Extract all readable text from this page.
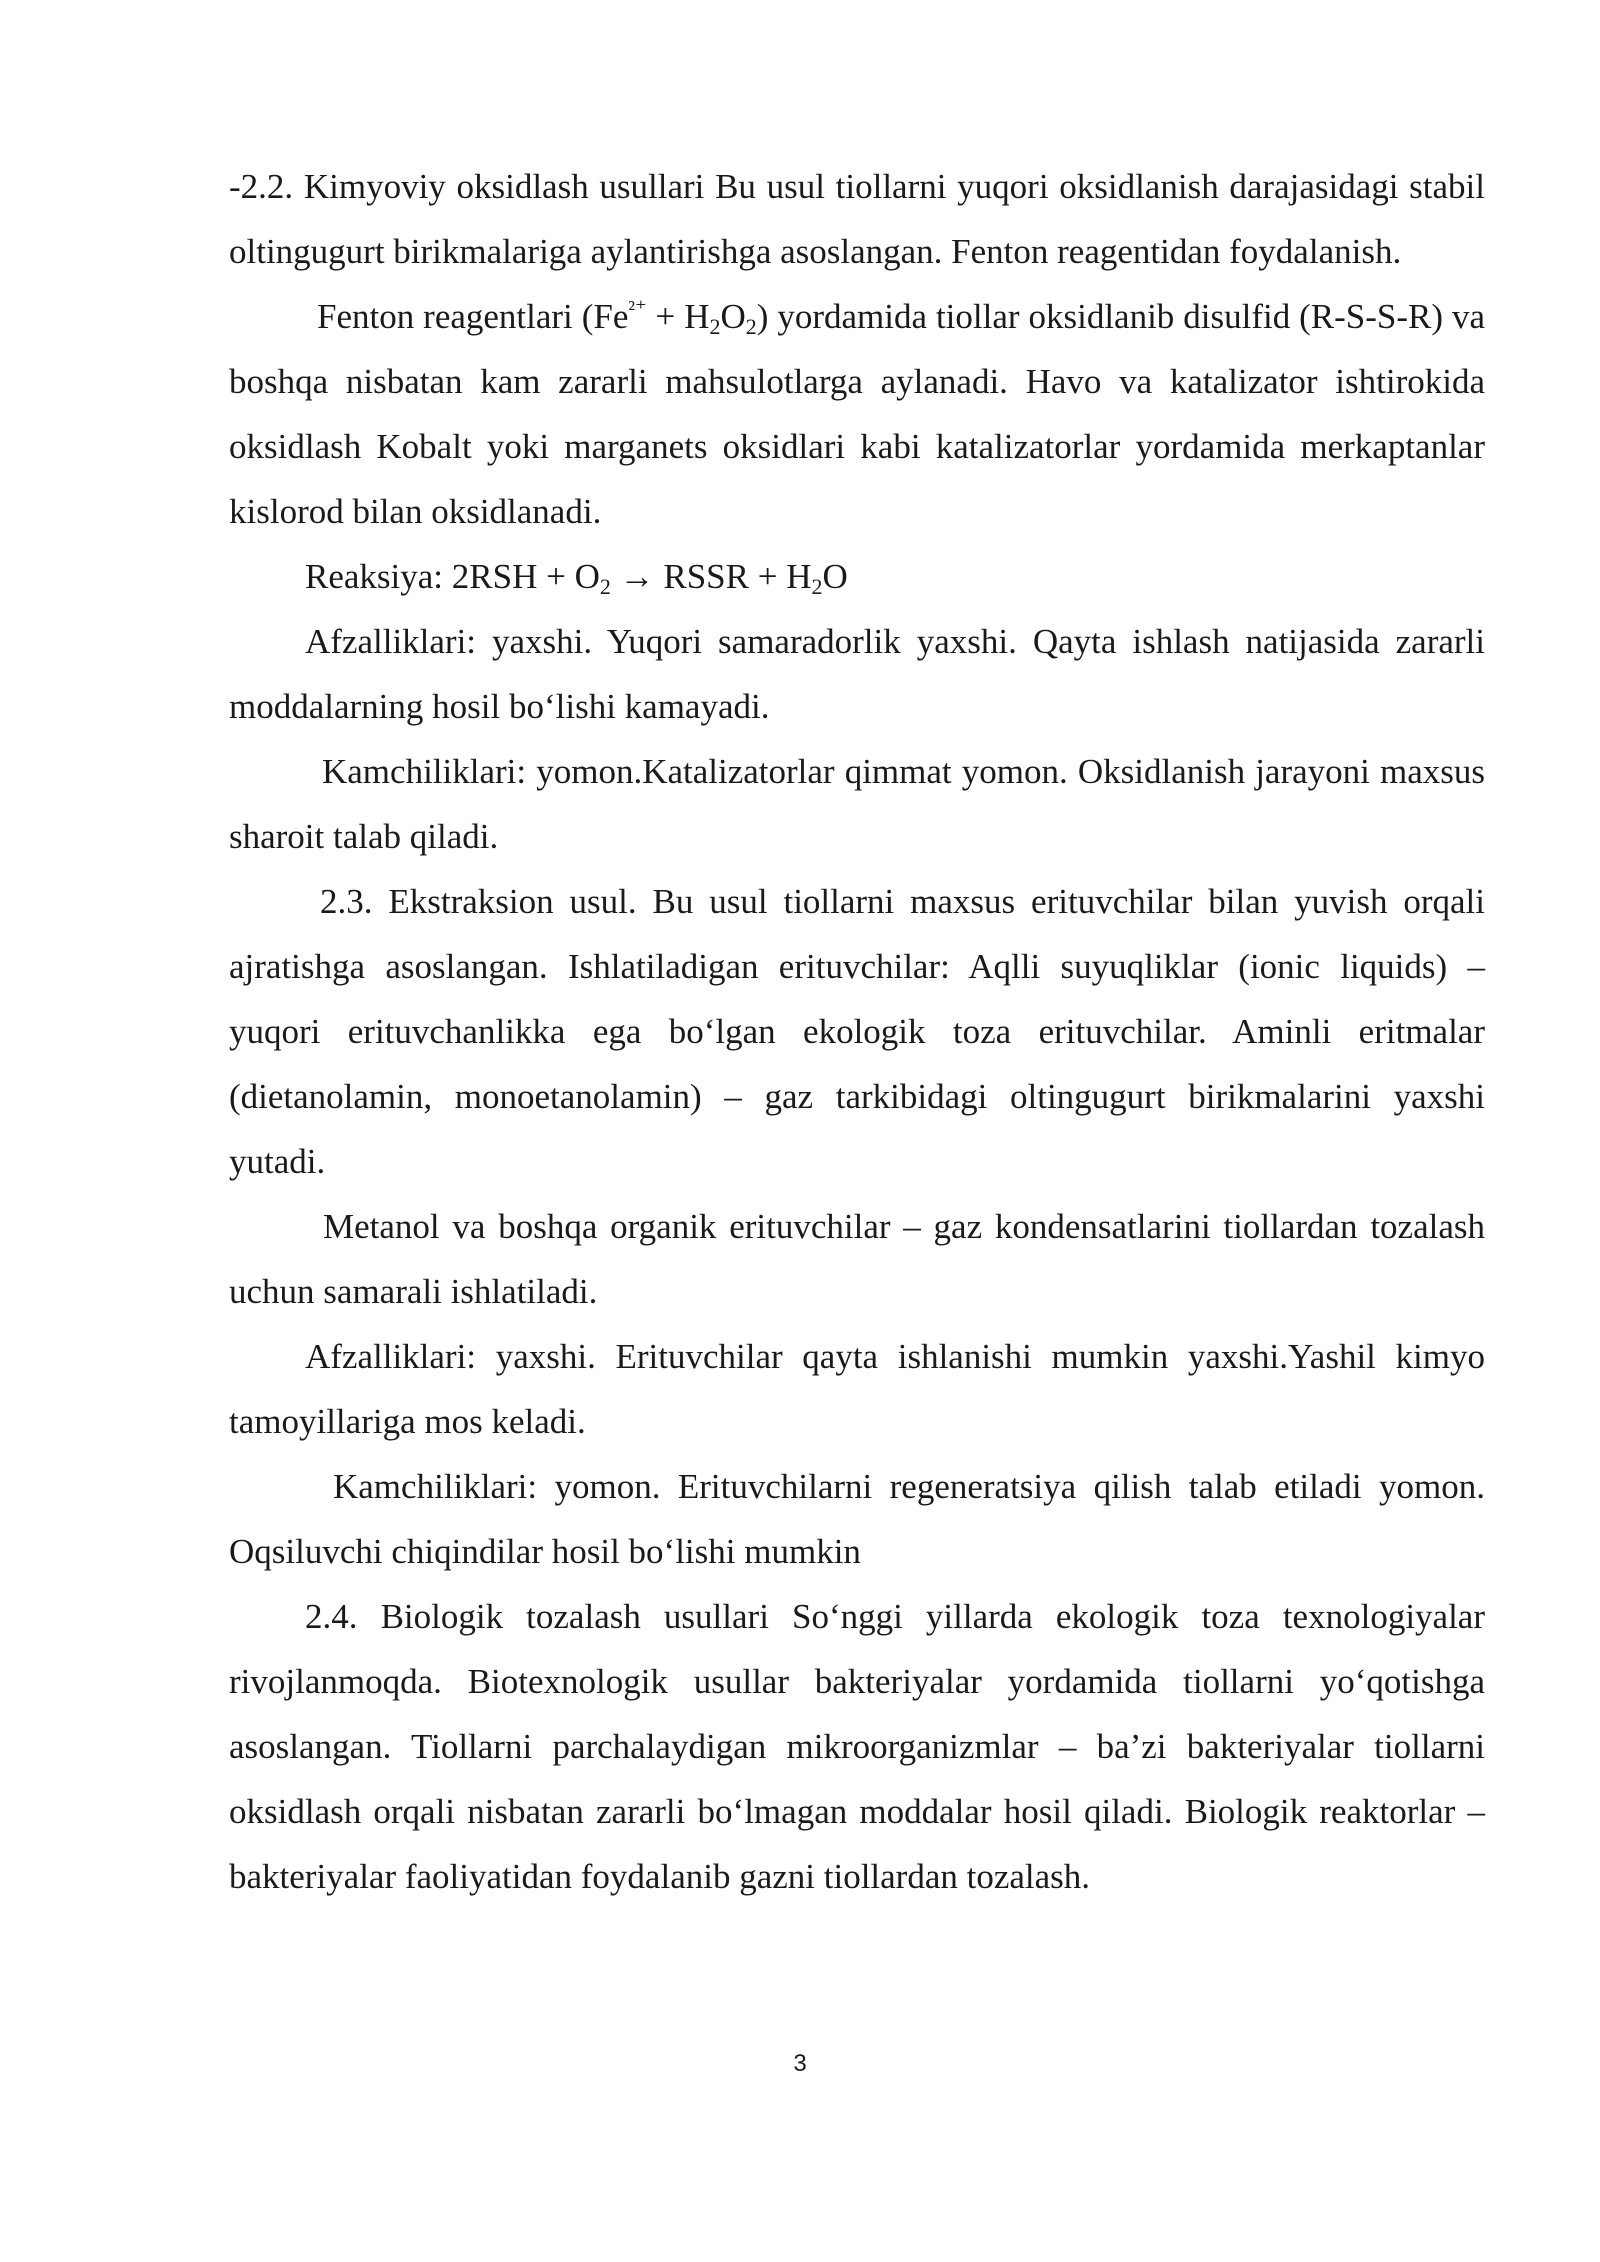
-2.2. Kimyoviy oksidlash usullari Bu usul tiollarni yuqori oksidlanish darajasidagi stabil oltingugurt birikmalariga aylantirishga asoslangan. Fenton reagentidan foydalanish.

Fenton reagentlari $(Fe^{^{2+}} + H_2O_2)$ yordamida tiollar oksidlanib disulfid (R-S-S-R) va boshqa nisbatan kam zararli mahsulotlarga aylanadi. Havo va katalizator ishtirokida oksidlash Kobalt yoki marganets oksidlari kabi katalizatorlar yordamida merkaptanlar kislorod bilan oksidlanadi.

Reaksiya: $2RSH + O_2$ → RSSR + $H_2O$

Afzalliklari: yaxshi. Yuqori samaradorlik yaxshi. Qayta ishlash natijasida zararli moddalarning hosil bo‘lishi kamayadi.

Kamchiliklari: yomon.Katalizatorlar qimmat yomon. Oksidlanish jarayoni maxsus sharoit talab qiladi.

2.3. Ekstraksion usul. Bu usul tiollarni maxsus erituvchilar bilan yuvish orqali ajratishga asoslangan. Ishlatiladigan erituvchilar: Aqlli suyuqliklar (ionic liquids) – yuqori erituvchanlikka ega bo‘lgan ekologik toza erituvchilar. Aminli eritmalar (dietanolamin, monoetanolamin) – gaz tarkibidagi oltingugurt birikmalarini yaxshi yutadi.

Metanol va boshqa organik erituvchilar – gaz kondensatlarini tiollardan tozalash uchun samarali ishlatiladi.

Afzalliklari: yaxshi. Erituvchilar qayta ishlanishi mumkin yaxshi.Yashil kimyo tamoyillariga mos keladi.

Kamchiliklari: yomon. Erituvchilarni regeneratsiya qilish talab etiladi yomon. Oqsiluvchi chiqindilar hosil bo‘lishi mumkin

2.4. Biologik tozalash usullari So‘nggi yillarda ekologik toza texnologiyalar rivojlanmoqda. Biotexnologik usullar bakteriyalar yordamida tiollarni yo‘qotishga asoslangan. Tiollarni parchalaydigan mikroorganizmlar – ba’zi bakteriyalar tiollarni oksidlash orqali nisbatan zararli bo‘lmagan moddalar hosil qiladi. Biologik reaktorlar – bakteriyalar faoliyatidan foydalanib gazni tiollardan tozalash.

3
